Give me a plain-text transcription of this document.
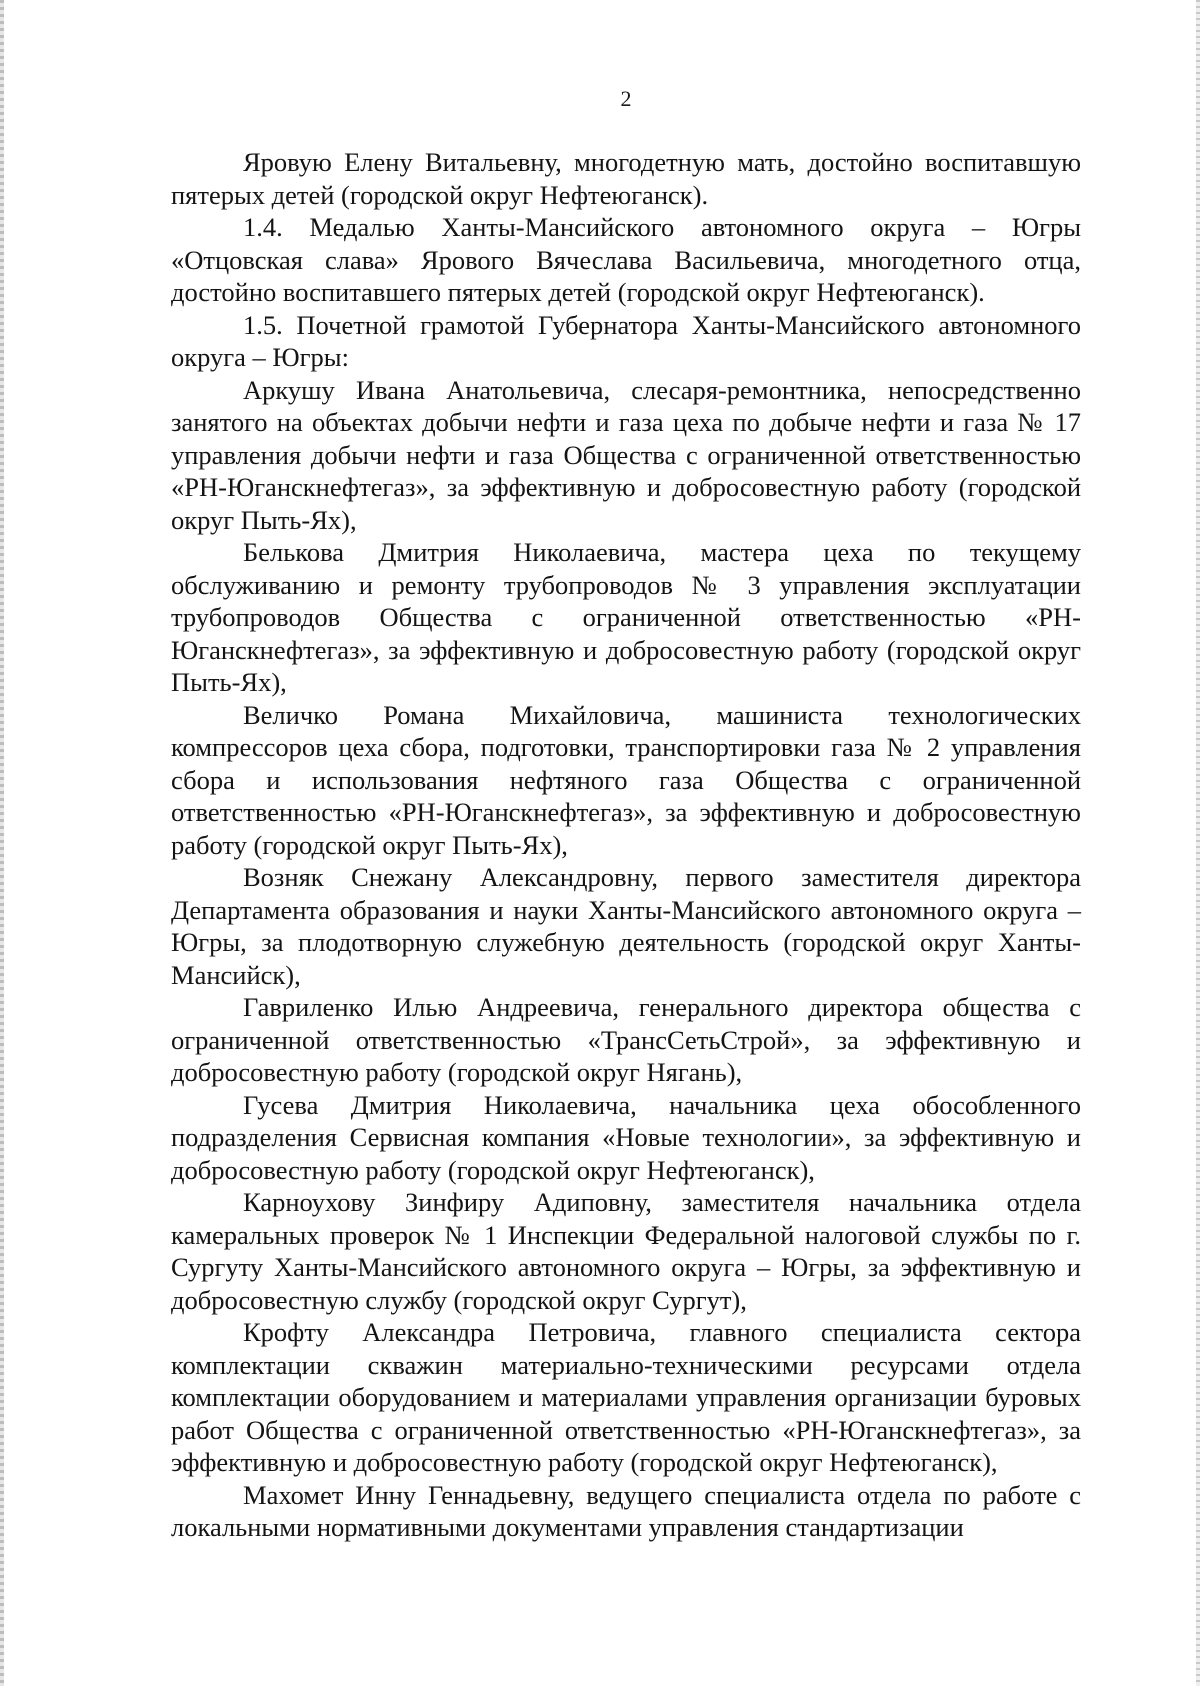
2

Яровую Елену Витальевну, многодетную мать, достойно воспитавшую пятерых детей (городской округ Нефтеюганск).

1.4. Медалью Ханты-Мансийского автономного округа – Югры «Отцовская слава» Ярового Вячеслава Васильевича, многодетного отца, достойно воспитавшего пятерых детей (городской округ Нефтеюганск).

1.5. Почетной грамотой Губернатора Ханты-Мансийского автономного округа – Югры:

Аркушу Ивана Анатольевича, слесаря-ремонтника, непосредственно занятого на объектах добычи нефти и газа цеха по добыче нефти и газа № 17 управления добычи нефти и газа Общества с ограниченной ответственностью «РН-Юганскнефтегаз», за эффективную и добросовестную работу (городской округ Пыть-Ях),

Белькова Дмитрия Николаевича, мастера цеха по текущему обслуживанию и ремонту трубопроводов № 3 управления эксплуатации трубопроводов Общества с ограниченной ответственностью «РН-Юганскнефтегаз», за эффективную и добросовестную работу (городской округ Пыть-Ях),

Величко Романа Михайловича, машиниста технологических компрессоров цеха сбора, подготовки, транспортировки газа № 2 управления сбора и использования нефтяного газа Общества с ограниченной ответственностью «РН-Юганскнефтегаз», за эффективную и добросовестную работу (городской округ Пыть-Ях),

Возняк Снежану Александровну, первого заместителя директора Департамента образования и науки Ханты-Мансийского автономного округа – Югры, за плодотворную служебную деятельность (городской округ Ханты-Мансийск),

Гавриленко Илью Андреевича, генерального директора общества с ограниченной ответственностью «ТрансСетьСтрой», за эффективную и добросовестную работу (городской округ Нягань),

Гусева Дмитрия Николаевича, начальника цеха обособленного подразделения Сервисная компания «Новые технологии», за эффективную и добросовестную работу (городской округ Нефтеюганск),

Карноухову Зинфиру Адиповну, заместителя начальника отдела камеральных проверок № 1 Инспекции Федеральной налоговой службы по г. Сургуту Ханты-Мансийского автономного округа – Югры, за эффективную и добросовестную службу (городской округ Сургут),

Крофту Александра Петровича, главного специалиста сектора комплектации скважин материально-техническими ресурсами отдела комплектации оборудованием и материалами управления организации буровых работ Общества с ограниченной ответственностью «РН-Юганскнефтегаз», за эффективную и добросовестную работу (городской округ Нефтеюганск),

Махомет Инну Геннадьевну, ведущего специалиста отдела по работе с локальными нормативными документами управления стандартизации
